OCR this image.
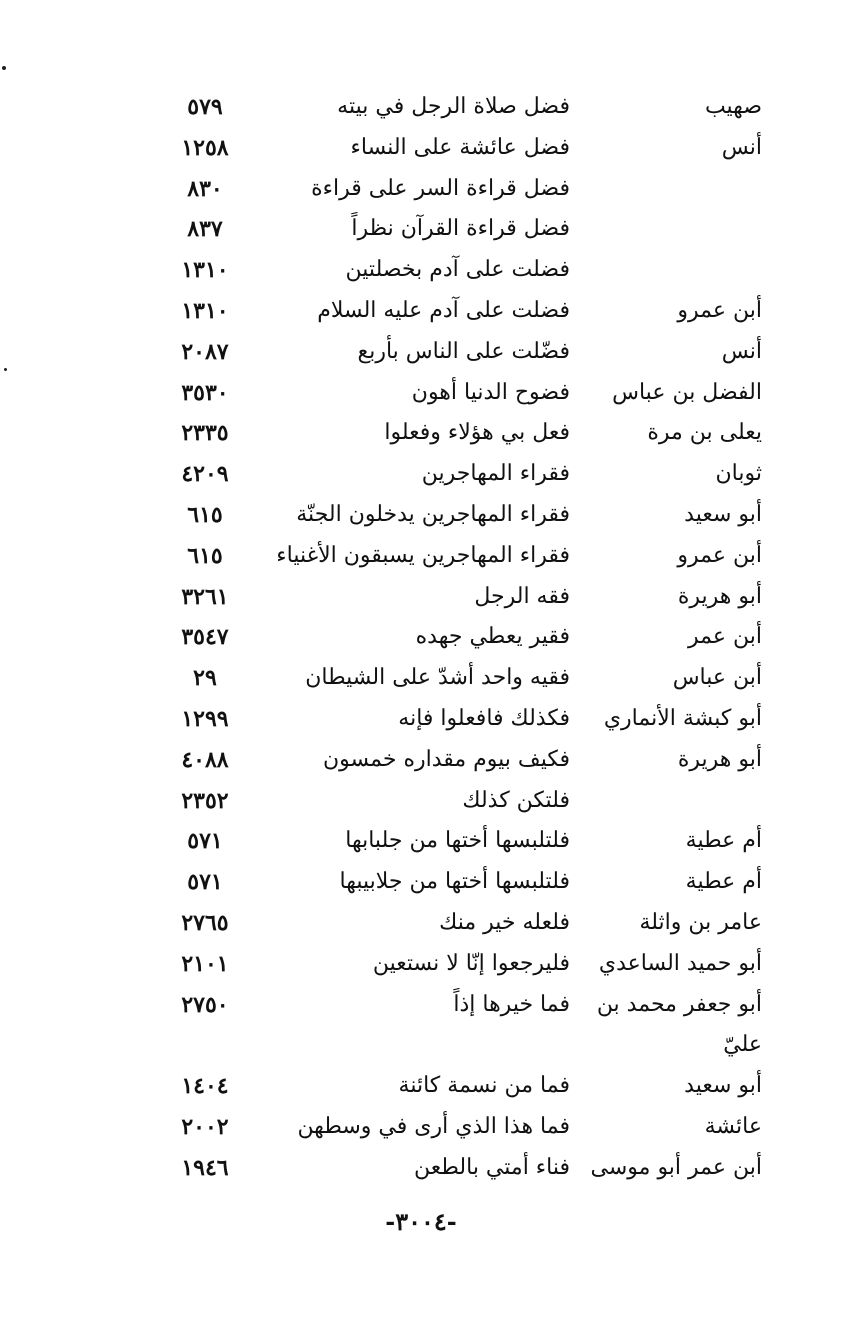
صهيب
فضل صلاة الرجل في بيته
٥٧٩
أنس
فضل عائشة على النساء
١٢٥٨
فضل قراءة السر على قراءة
٨٣٠
فضل قراءة القرآن نظراً
٨٣٧
فضلت على آدم بخصلتين
١٣١٠
أبن عمرو
فضلت على آدم عليه السلام
١٣١٠
أنس
فضّلت على الناس بأربع
٢٠٨٧
الفضل بن عباس
فضوح الدنيا أهون
٣٥٣٠
يعلى بن مرة
فعل بي هؤلاء وفعلوا
٢٣٣٥
ثوبان
فقراء المهاجرين
٤٢٠٩
أبو سعيد
فقراء المهاجرين يدخلون الجنّة
٦١٥
أبن عمرو
فقراء المهاجرين يسبقون الأغنياء
٦١٥
أبو هريرة
فقه الرجل
٣٢٦١
أبن عمر
فقير يعطي جهده
٣٥٤٧
أبن عباس
فقيه واحد أشدّ على الشيطان
٢٩
أبو كبشة الأنماري
فكذلك فافعلوا فإنه
١٢٩٩
أبو هريرة
فكيف بيوم مقداره خمسون
٤٠٨٨
فلتكن كذلك
٢٣٥٢
أم عطية
فلتلبسها أختها من جلبابها
٥٧١
أم عطية
فلتلبسها أختها من جلابيبها
٥٧١
عامر بن واثلة
فلعله خير منك
٢٧٦٥
أبو حميد الساعدي
فليرجعوا إنّا لا نستعين
٢١٠١
أبو جعفر محمد بن
فما خيرها إذاً
٢٧٥٠
عليّ
أبو سعيد
فما من نسمة كائنة
١٤٠٤
عائشة
فما هذا الذي أرى في وسطهن
٢٠٠٢
أبن عمر أبو موسى
فناء أمتي بالطعن
١٩٤٦
-٣٠٠٤-
